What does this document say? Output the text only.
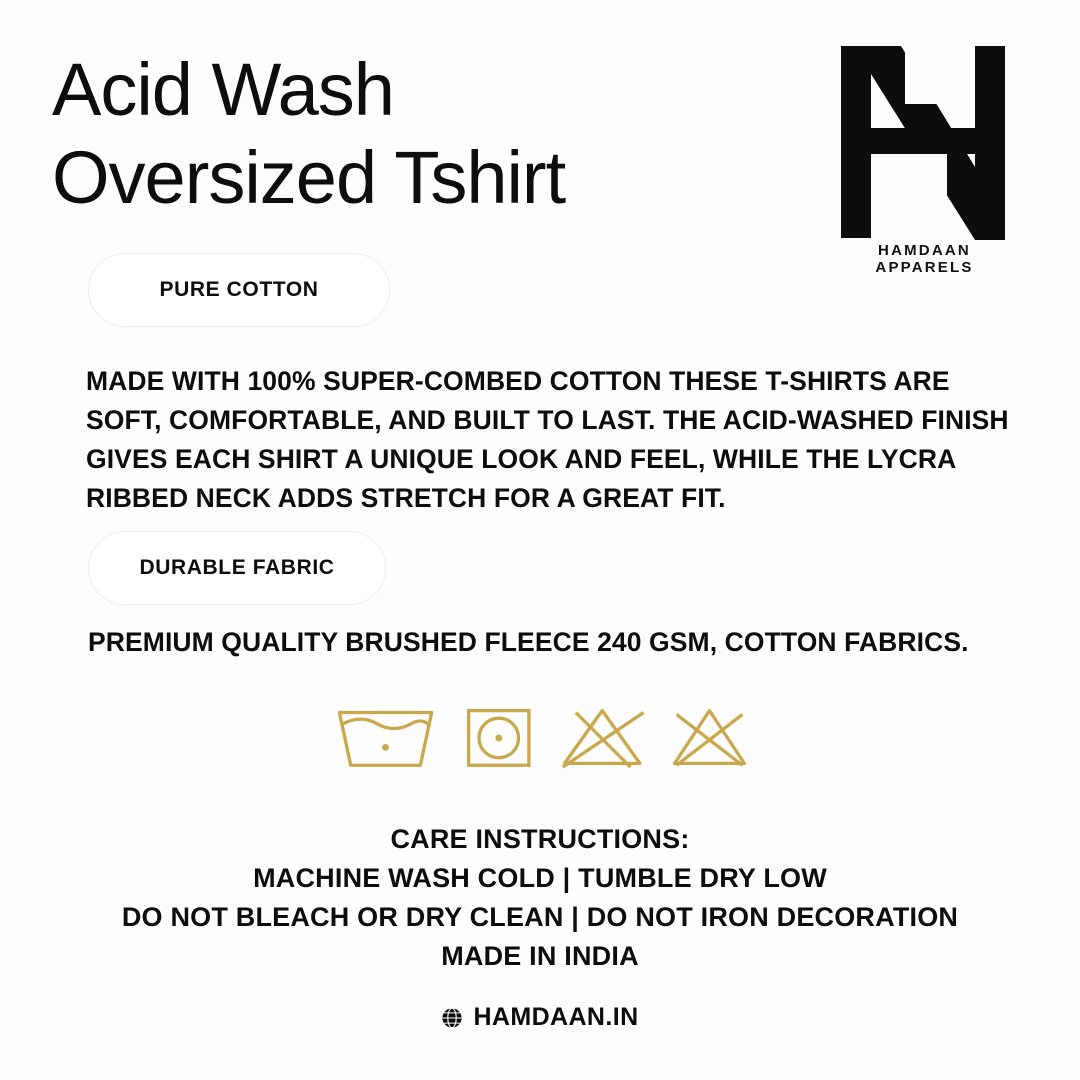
Acid Wash
Oversized Tshirt
HAMDAAN APPARELS
PURE COTTON
MADE WITH 100% SUPER-COMBED COTTON THESE T-SHIRTS ARE SOFT, COMFORTABLE, AND BUILT TO LAST. THE ACID-WASHED FINISH GIVES EACH SHIRT A UNIQUE LOOK AND FEEL, WHILE THE LYCRA RIBBED NECK ADDS STRETCH FOR A GREAT FIT.
DURABLE FABRIC
PREMIUM QUALITY BRUSHED FLEECE 240 GSM, COTTON FABRICS.
CARE INSTRUCTIONS:
MACHINE WASH COLD | TUMBLE DRY LOW
DO NOT BLEACH OR DRY CLEAN | DO NOT IRON DECORATION
MADE IN INDIA
HAMDAAN.IN
